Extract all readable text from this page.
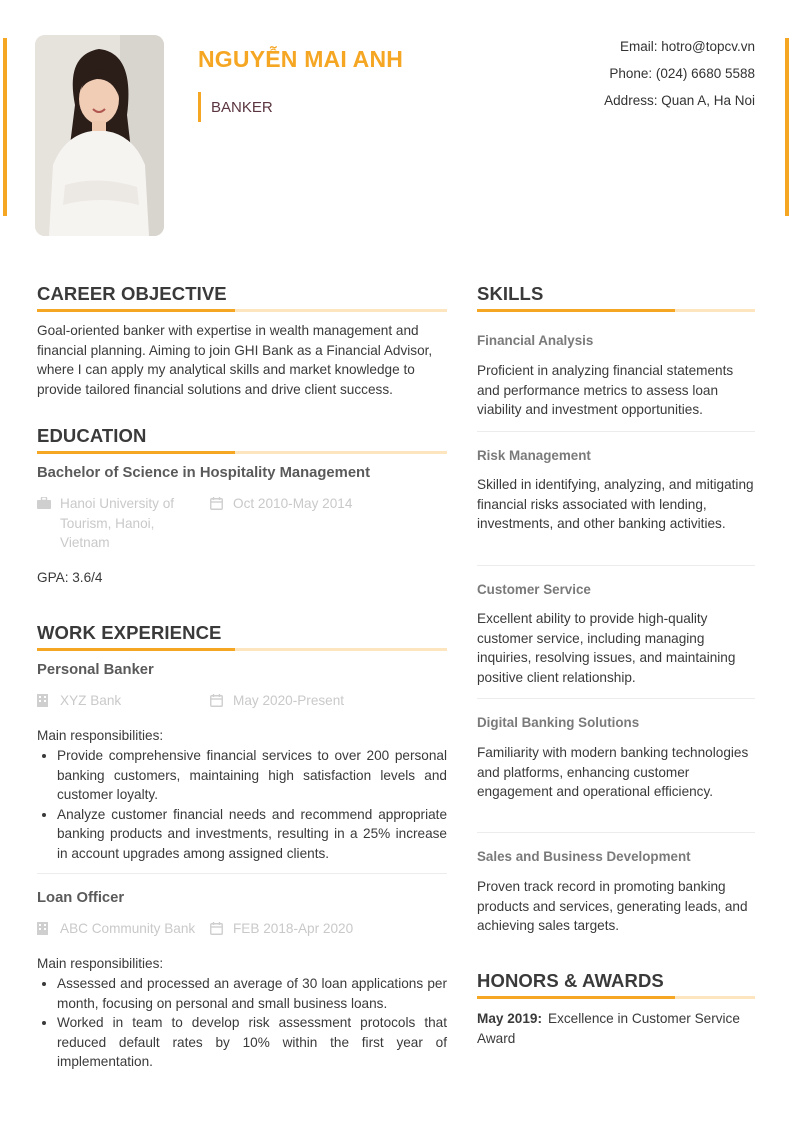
NGUYỄN MAI ANH
BANKER
Email: hotro@topcv.vn
Phone: (024) 6680 5588
Address: Quan A, Ha Noi
CAREER OBJECTIVE
Goal-oriented banker with expertise in wealth management and financial planning. Aiming to join GHI Bank as a Financial Advisor, where I can apply my analytical skills and market knowledge to provide tailored financial solutions and drive client success.
EDUCATION
Bachelor of Science in Hospitality Management
Hanoi University of Tourism, Hanoi, Vietnam
Oct 2010-May 2014
GPA: 3.6/4
WORK EXPERIENCE
Personal Banker
XYZ Bank	May 2020-Present
Main responsibilities:
Provide comprehensive financial services to over 200 personal banking customers, maintaining high satisfaction levels and customer loyalty.
Analyze customer financial needs and recommend appropriate banking products and investments, resulting in a 25% increase in account upgrades among assigned clients.
Loan Officer
ABC Community Bank	FEB 2018-Apr 2020
Main responsibilities:
Assessed and processed an average of 30 loan applications per month, focusing on personal and small business loans.
Worked in team to develop risk assessment protocols that reduced default rates by 10% within the first year of implementation.
SKILLS
Financial Analysis
Proficient in analyzing financial statements and performance metrics to assess loan viability and investment opportunities.
Risk Management
Skilled in identifying, analyzing, and mitigating financial risks associated with lending, investments, and other banking activities.
Customer Service
Excellent ability to provide high-quality customer service, including managing inquiries, resolving issues, and maintaining positive client relationship.
Digital Banking Solutions
Familiarity with modern banking technologies and platforms, enhancing customer engagement and operational efficiency.
Sales and Business Development
Proven track record in promoting banking products and services, generating leads, and achieving sales targets.
HONORS & AWARDS
May 2019: Excellence in Customer Service Award
